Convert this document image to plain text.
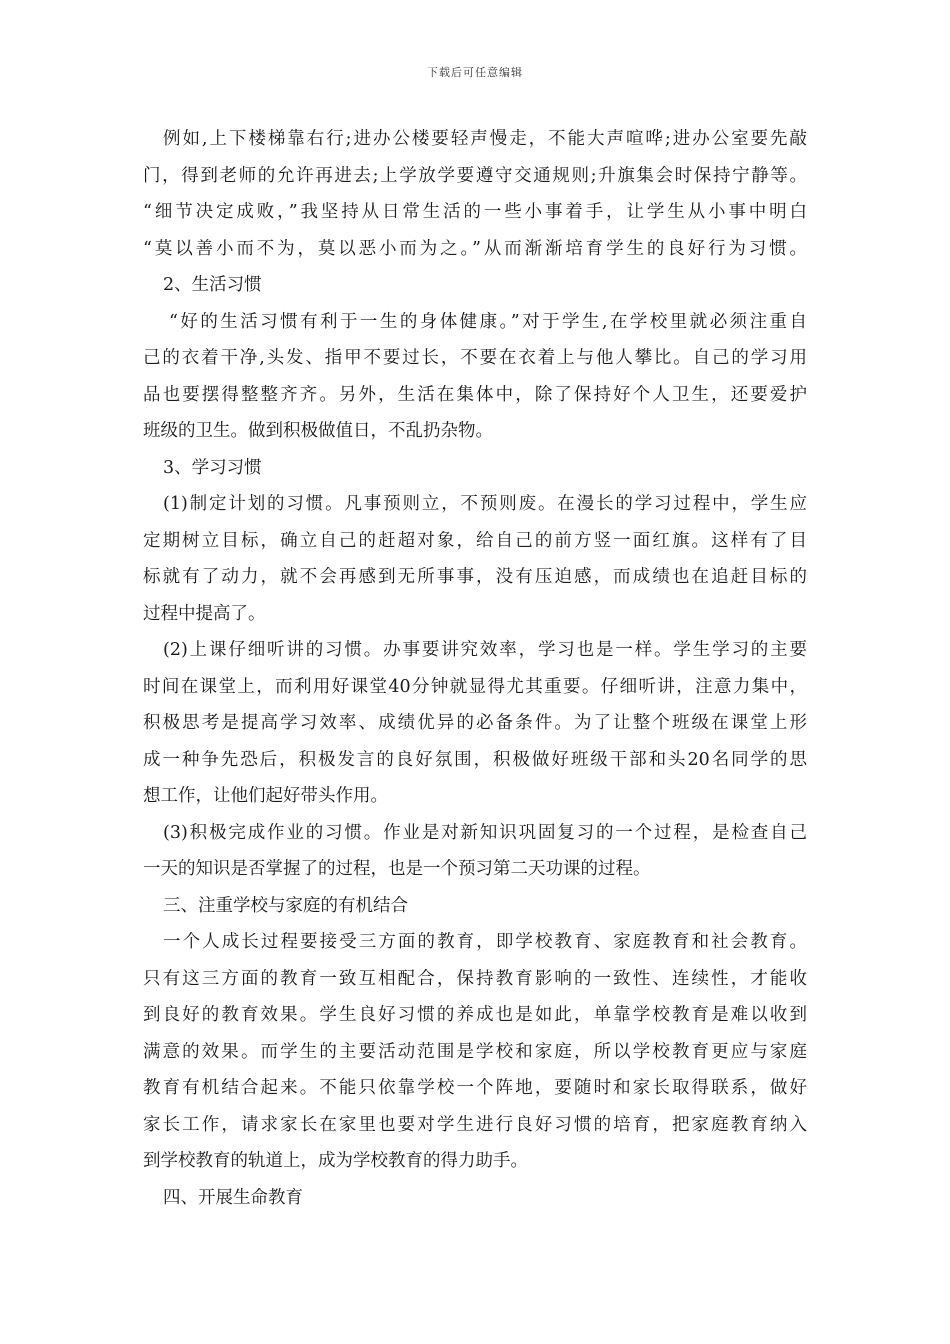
下载后可任意编辑
例如,上下楼梯靠右行;进办公楼要轻声慢走，不能大声喧哗;进办公室要先敲
门，得到老师的允许再进去;上学放学要遵守交通规则;升旗集会时保持宁静等。
“细节决定成败，”我坚持从日常生活的一些小事着手，让学生从小事中明白
“莫以善小而不为，莫以恶小而为之。”从而渐渐培育学生的良好行为习惯。
2、生活习惯
“好的生活习惯有利于一生的身体健康。”对于学生,在学校里就必须注重自
己的衣着干净,头发、指甲不要过长，不要在衣着上与他人攀比。自己的学习用
品也要摆得整整齐齐。另外，生活在集体中，除了保持好个人卫生，还要爱护
班级的卫生。做到积极做值日，不乱扔杂物。
3、学习习惯
(1)制定计划的习惯。凡事预则立，不预则废。在漫长的学习过程中，学生应
定期树立目标，确立自己的赶超对象，给自己的前方竖一面红旗。这样有了目
标就有了动力，就不会再感到无所事事，没有压迫感，而成绩也在追赶目标的
过程中提高了。
(2)上课仔细听讲的习惯。办事要讲究效率，学习也是一样。学生学习的主要
时间在课堂上，而利用好课堂40分钟就显得尤其重要。仔细听讲，注意力集中，
积极思考是提高学习效率、成绩优异的必备条件。为了让整个班级在课堂上形
成一种争先恐后，积极发言的良好氛围，积极做好班级干部和头20名同学的思
想工作，让他们起好带头作用。
(3)积极完成作业的习惯。作业是对新知识巩固复习的一个过程，是检查自己
一天的知识是否掌握了的过程，也是一个预习第二天功课的过程。
三、注重学校与家庭的有机结合
一个人成长过程要接受三方面的教育，即学校教育、家庭教育和社会教育。
只有这三方面的教育一致互相配合，保持教育影响的一致性、连续性，才能收
到良好的教育效果。学生良好习惯的养成也是如此，单靠学校教育是难以收到
满意的效果。而学生的主要活动范围是学校和家庭，所以学校教育更应与家庭
教育有机结合起来。不能只依靠学校一个阵地，要随时和家长取得联系，做好
家长工作，请求家长在家里也要对学生进行良好习惯的培育，把家庭教育纳入
到学校教育的轨道上，成为学校教育的得力助手。
四、开展生命教育
